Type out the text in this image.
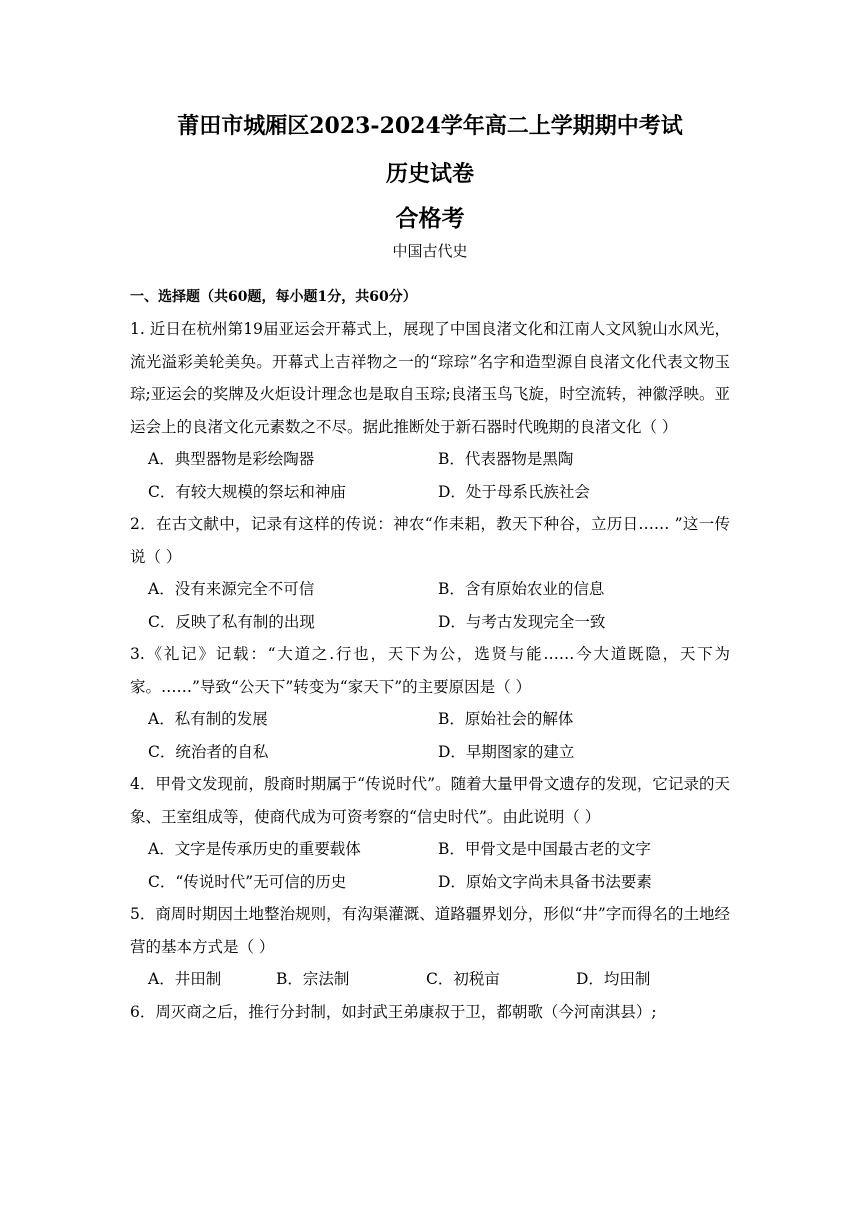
莆田市城厢区2023-2024学年高二上学期期中考试
历史试卷
合格考

中国古代史

一、选择题（共60题，每小题1分，共60分）

1. 近日在杭州第19届亚运会开幕式上，展现了中国良渚文化和江南人文风貌山水风光，流光溢彩美轮美奂。开幕式上吉祥物之一的“琮琮”名字和造型源自良渚文化代表文物玉琮;亚运会的奖牌及火炬设计理念也是取自玉琮;良渚玉鸟飞旋，时空流转，神徽浮映。亚运会上的良渚文化元素数之不尽。据此推断处于新石器时代晚期的良渚文化（ ）

A．典型器物是彩绘陶器	B．代表器物是黑陶
C．有较大规模的祭坛和神庙	D．处于母系氏族社会

2．在古文献中，记录有这样的传说：神农“作耒耜，教天下种谷，立历日…… ”这一传说（ ）

A．没有来源完全不可信	B．含有原始农业的信息
C．反映了私有制的出现	D．与考古发现完全一致

3.《礼记》记载：“大道之.行也，天下为公，选贤与能……今大道既隐，天下为家。……”导致“公天下”转变为“家天下”的主要原因是（ ）

A．私有制的发展	B．原始社会的解体
C．统治者的自私	D．早期图家的建立

4．甲骨文发现前，殷商时期属于“传说时代”。随着大量甲骨文遗存的发现，它记录的天象、王室组成等，使商代成为可资考察的“信史时代”。由此说明（ ）

A．文字是传承历史的重要载体	B．甲骨文是中国最古老的文字
C．“传说时代”无可信的历史	D．原始文字尚未具备书法要素

5．商周时期因土地整治规则，有沟渠灌溉、道路疆界划分，形似“井”字而得名的土地经营的基本方式是（ ）

A．井田制	B．宗法制	C．初税亩	D．均田制

6．周灭商之后，推行分封制，如封武王弟康叔于卫，都朝歌（今河南淇县）;
